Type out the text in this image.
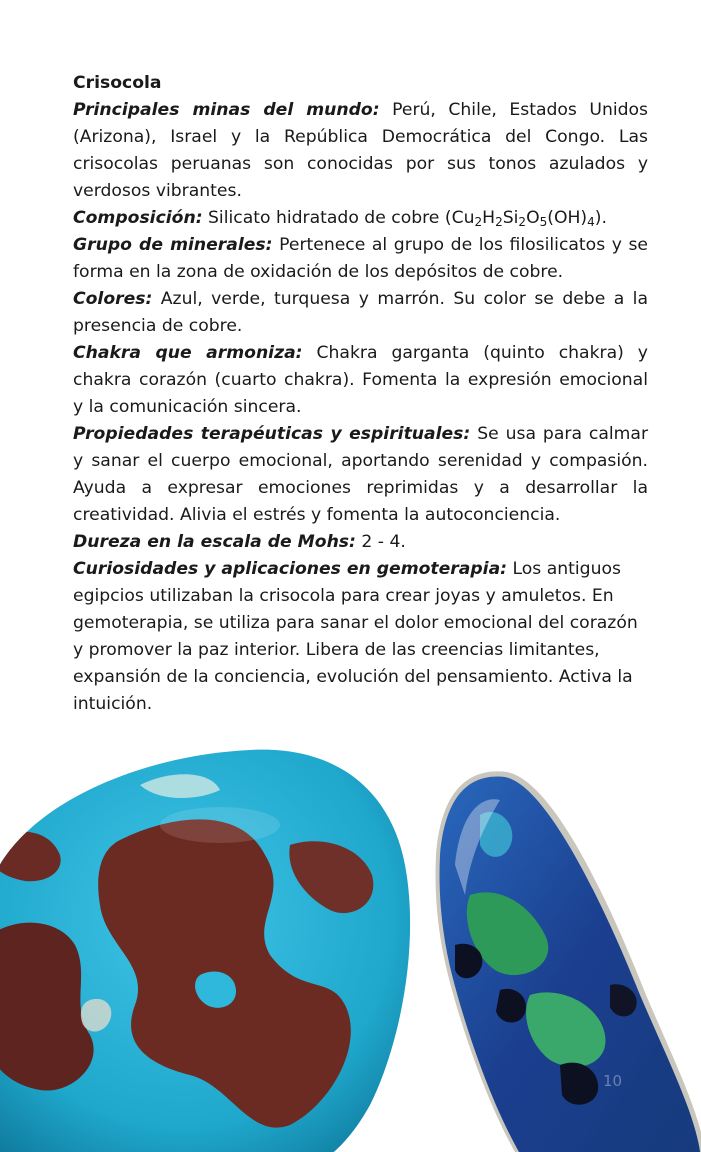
Crisocola

Principales minas del mundo: Perú, Chile, Estados Unidos (Arizona), Israel y la República Democrática del Congo. Las crisocolas peruanas son conocidas por sus tonos azulados y verdosos vibrantes.

Composición: Silicato hidratado de cobre $(Cu_2H_2Si_2O_5(OH)_4)$.

Grupo de minerales: Pertenece al grupo de los filosilicatos y se forma en la zona de oxidación de los depósitos de cobre.

Colores: Azul, verde, turquesa y marrón. Su color se debe a la presencia de cobre.

Chakra que armoniza: Chakra garganta (quinto chakra) y chakra corazón (cuarto chakra). Fomenta la expresión emocional y la comunicación sincera.

Propiedades terapéuticas y espirituales: Se usa para calmar y sanar el cuerpo emocional, aportando serenidad y compasión. Ayuda a expresar emociones reprimidas y a desarrollar la creatividad. Alivia el estrés y fomenta la autoconciencia.

Dureza en la escala de Mohs: 2 - 4.

Curiosidades y aplicaciones en gemoterapia: Los antiguos egipcios utilizaban la crisocola para crear joyas y amuletos. En gemoterapia, se utiliza para sanar el dolor emocional del corazón y promover la paz interior. Libera de las creencias limitantes, expansión de la conciencia, evolución del pensamiento. Activa la intuición.

10
